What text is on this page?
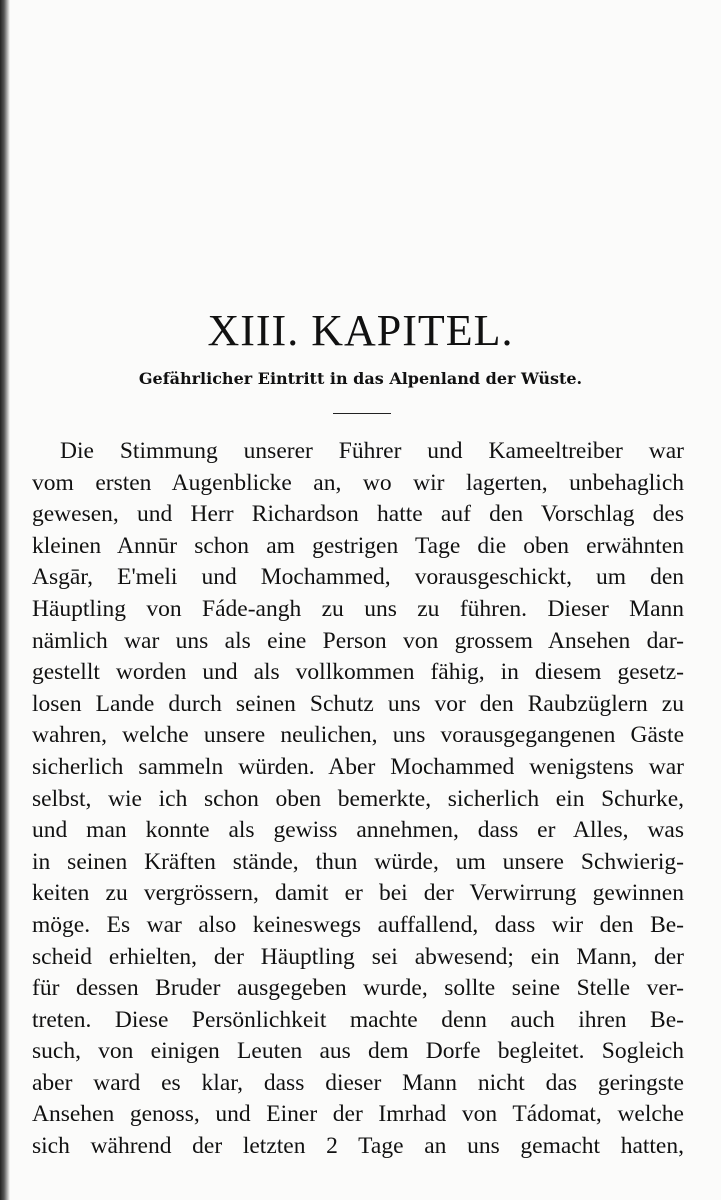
XIII. KAPITEL.
Gefährlicher Eintritt in das Alpenland der Wüste.
Die Stimmung unserer Führer und Kameeltreiber war
vom ersten Augenblicke an, wo wir lagerten, unbehaglich
gewesen, und Herr Richardson hatte auf den Vorschlag des
kleinen Annūr schon am gestrigen Tage die oben erwähnten
Asgār, E'meli und Mochammed, vorausgeschickt, um den
Häuptling von Fáde-angh zu uns zu führen. Dieser Mann
nämlich war uns als eine Person von grossem Ansehen dar-
gestellt worden und als vollkommen fähig, in diesem gesetz-
losen Lande durch seinen Schutz uns vor den Raubzüglern zu
wahren, welche unsere neulichen, uns vorausgegangenen Gäste
sicherlich sammeln würden. Aber Mochammed wenigstens war
selbst, wie ich schon oben bemerkte, sicherlich ein Schurke,
und man konnte als gewiss annehmen, dass er Alles, was
in seinen Kräften stände, thun würde, um unsere Schwierig-
keiten zu vergrössern, damit er bei der Verwirrung gewinnen
möge. Es war also keineswegs auffallend, dass wir den Be-
scheid erhielten, der Häuptling sei abwesend; ein Mann, der
für dessen Bruder ausgegeben wurde, sollte seine Stelle ver-
treten. Diese Persönlichkeit machte denn auch ihren Be-
such, von einigen Leuten aus dem Dorfe begleitet. Sogleich
aber ward es klar, dass dieser Mann nicht das geringste
Ansehen genoss, und Einer der Imrhad von Tádomat, welche
sich während der letzten 2 Tage an uns gemacht hatten,
